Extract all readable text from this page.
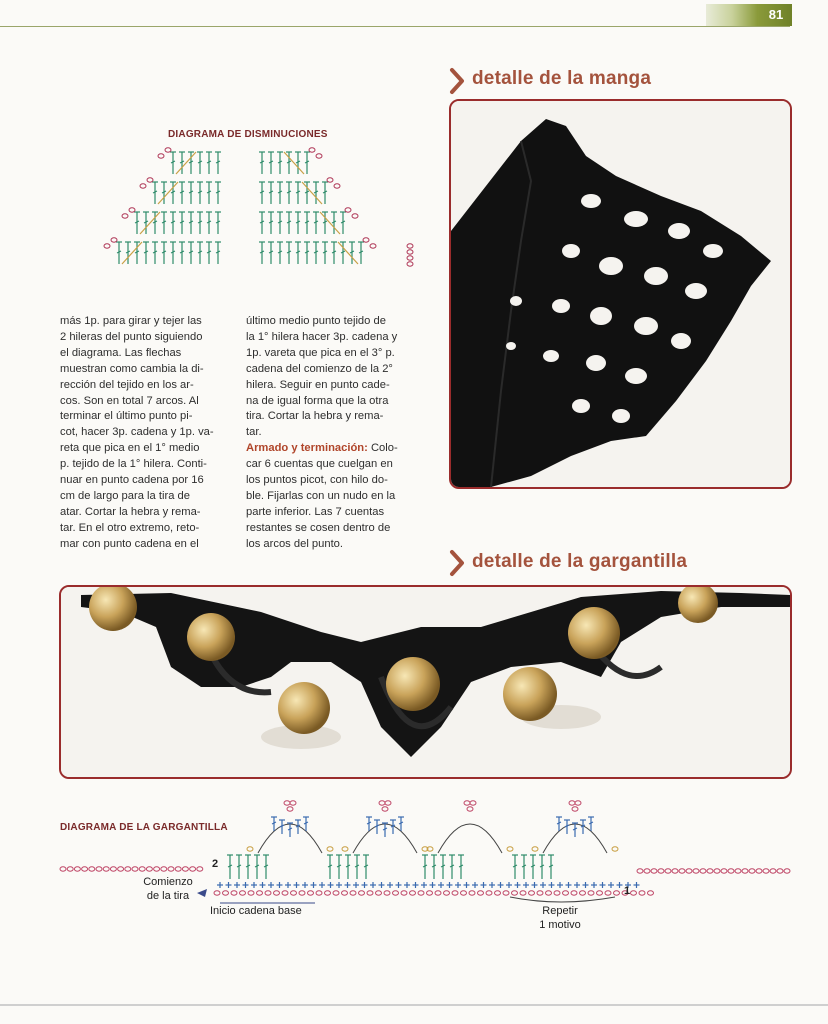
81
DIAGRAMA DE DISMINUCIONES

más 1p. para girar y tejer las

2 hileras del punto siguiendo

el diagrama. Las flechas

muestran como cambia la di-

rección del tejido en los ar-

cos. Son en total 7 arcos. Al

terminar el último punto pi-

cot, hacer 3p. cadena y 1p. va-

reta que pica en el 1° medio

p. tejido de la 1° hilera. Conti-

nuar en punto cadena por 16

cm de largo para la tira de

atar. Cortar la hebra y rema-

tar. En el otro extremo, reto-

mar con punto cadena en el

último medio punto tejido de

la 1° hilera hacer 3p. cadena y

1p. vareta que pica en el 3° p.

cadena del comienzo de la 2°

hilera. Seguir en punto cade-

na de igual forma que la otra

tira. Cortar la hebra y rema-

tar.

Armado y terminación: Colo-

car 6 cuentas que cuelgan en

los puntos picot, con hilo do-

ble. Fijarlas con un nudo en la

parte inferior. Las 7 cuentas

restantes se cosen dentro de

los arcos del punto.

detalle de la manga
detalle de la gargantilla
DIAGRAMA DE LA GARGANTILLA
Comienzo
de la tira
2
1
Inicio cadena base	Repetir
1 motivo
